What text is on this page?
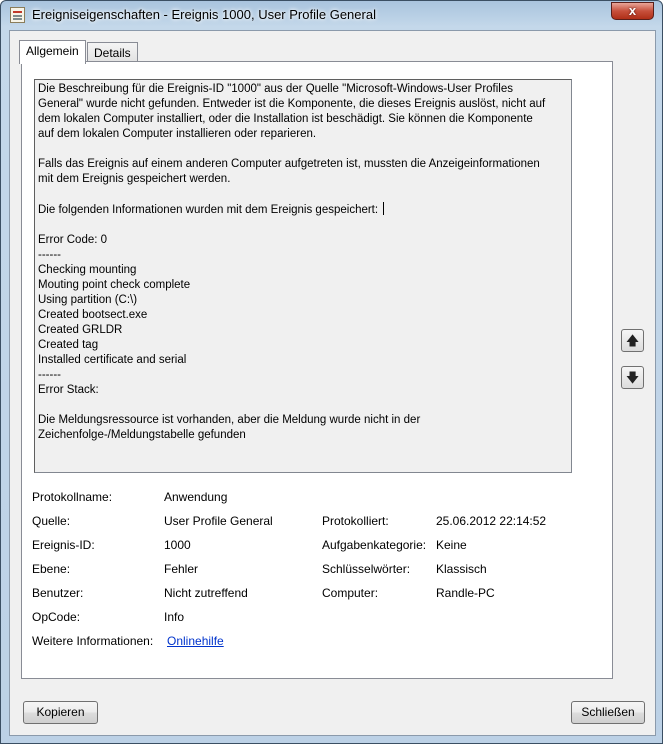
Ereigniseigenschaften - Ereignis 1000, User Profile General	x
Allgemein	Details
Die Beschreibung für die Ereignis-ID "1000" aus der Quelle "Microsoft-Windows-User Profiles
General" wurde nicht gefunden. Entweder ist die Komponente, die dieses Ereignis auslöst, nicht auf
dem lokalen Computer installiert, oder die Installation ist beschädigt. Sie können die Komponente
auf dem lokalen Computer installieren oder reparieren.
Falls das Ereignis auf einem anderen Computer aufgetreten ist, mussten die Anzeigeinformationen
mit dem Ereignis gespeichert werden.
Die folgenden Informationen wurden mit dem Ereignis gespeichert:
Error Code: 0
------
Checking mounting
Mouting point check complete
Using partition (C:\)
Created bootsect.exe
Created GRLDR
Created tag
Installed certificate and serial
------
Error Stack:
Die Meldungsressource ist vorhanden, aber die Meldung wurde nicht in der
Zeichenfolge-/Meldungstabelle gefunden
Protokollname:	Anwendung
Quelle:	User Profile General	Protokolliert:	25.06.2012 22:14:52
Ereignis-ID:	1000	Aufgabenkategorie: Keine
Ebene:	Fehler	Schlüsselwörter: Klassisch
Benutzer:	Nicht zutreffend	Computer:	Randle-PC
OpCode:	Info
Weitere Informationen: Onlinehilfe
🡅
🡇
Kopieren	Schließen
